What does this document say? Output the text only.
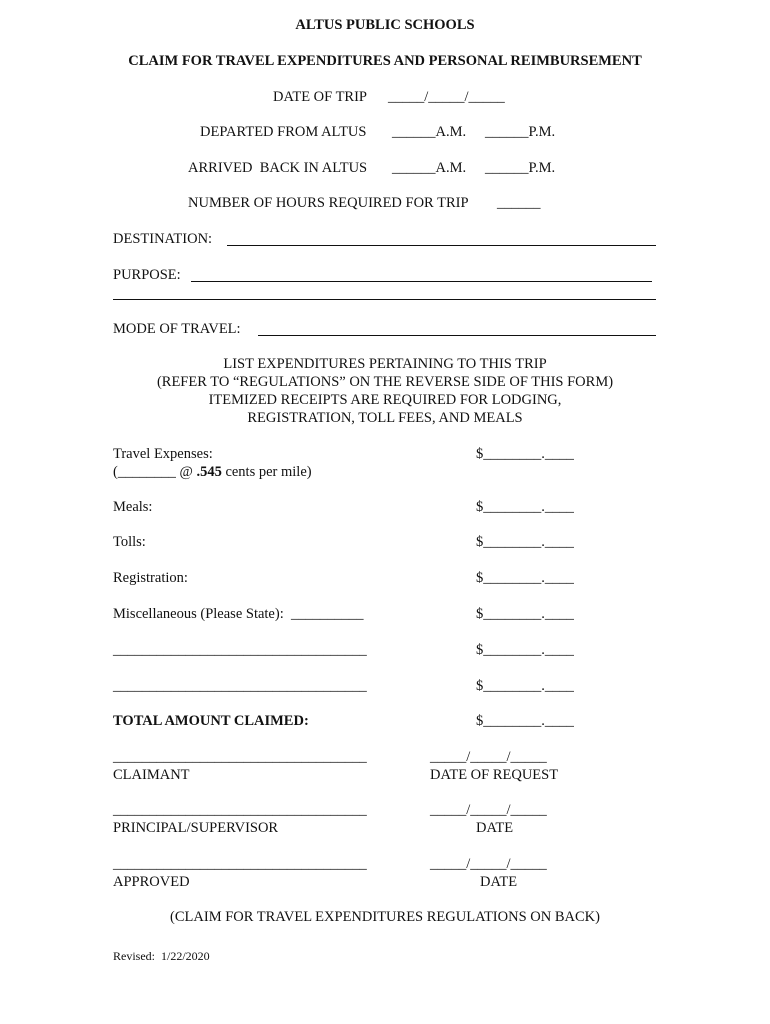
ALTUS PUBLIC SCHOOLS
CLAIM FOR TRAVEL EXPENDITURES AND PERSONAL REIMBURSEMENT
DATE OF TRIP _____/_____/_____
DEPARTED FROM ALTUS ______A.M. ______P.M.
ARRIVED  BACK IN ALTUS ______A.M. ______P.M.
NUMBER OF HOURS REQUIRED FOR TRIP ______
DESTINATION:
PURPOSE:
MODE OF TRAVEL:
LIST EXPENDITURES PERTAINING TO THIS TRIP
(REFER TO “REGULATIONS” ON THE REVERSE SIDE OF THIS FORM)
ITEMIZED RECEIPTS ARE REQUIRED FOR LODGING,
REGISTRATION, TOLL FEES, AND MEALS
Travel Expenses:
(________ @ .545 cents per mile)
$________.____
Meals:	$________.____
Tolls:	$________.____
Registration:	$________.____
Miscellaneous (Please State):  __________	$________.____
___________________________________	$________.____
___________________________________	$________.____
TOTAL AMOUNT CLAIMED:	$________.____
___________________________________	_____/_____/_____
CLAIMANT	DATE OF REQUEST
___________________________________	_____/_____/_____
PRINCIPAL/SUPERVISOR	DATE
___________________________________	_____/_____/_____
APPROVED	DATE
(CLAIM FOR TRAVEL EXPENDITURES REGULATIONS ON BACK)
Revised:  1/22/2020
